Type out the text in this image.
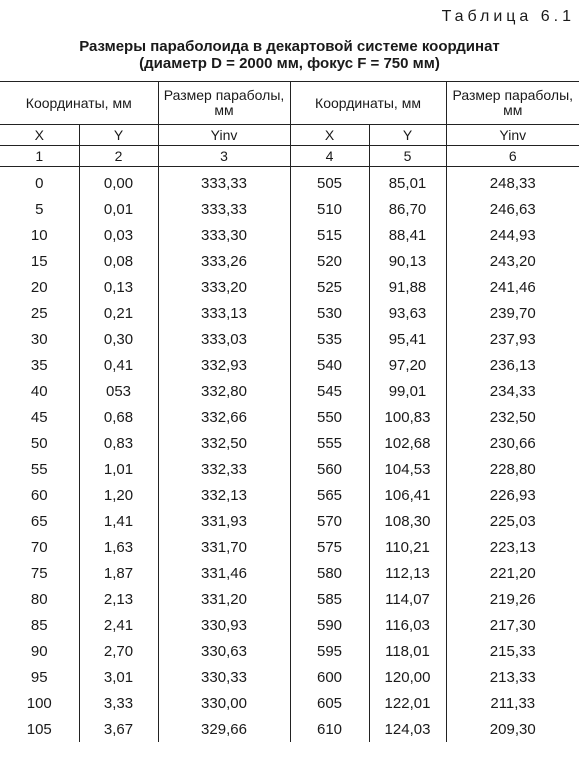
Таблица 6.1
Размеры параболоида в декартовой системе координат
(диаметр D = 2000 мм, фокус F = 750 мм)
Координаты, мм		Размер параболы, мм	Координаты, мм		Размер параболы, мм
X	Y	Yinv	X	Y	Yinv
1	2	3	4	5	6
0	0,00	333,33	505	85,01	248,33
5	0,01	333,33	510	86,70	246,63
10	0,03	333,30	515	88,41	244,93
15	0,08	333,26	520	90,13	243,20
20	0,13	333,20	525	91,88	241,46
25	0,21	333,13	530	93,63	239,70
30	0,30	333,03	535	95,41	237,93
35	0,41	332,93	540	97,20	236,13
40	053	332,80	545	99,01	234,33
45	0,68	332,66	550	100,83	232,50
50	0,83	332,50	555	102,68	230,66
55	1,01	332,33	560	104,53	228,80
60	1,20	332,13	565	106,41	226,93
65	1,41	331,93	570	108,30	225,03
70	1,63	331,70	575	110,21	223,13
75	1,87	331,46	580	112,13	221,20
80	2,13	331,20	585	114,07	219,26
85	2,41	330,93	590	116,03	217,30
90	2,70	330,63	595	118,01	215,33
95	3,01	330,33	600	120,00	213,33
100	3,33	330,00	605	122,01	211,33
105	3,67	329,66	610	124,03	209,30
